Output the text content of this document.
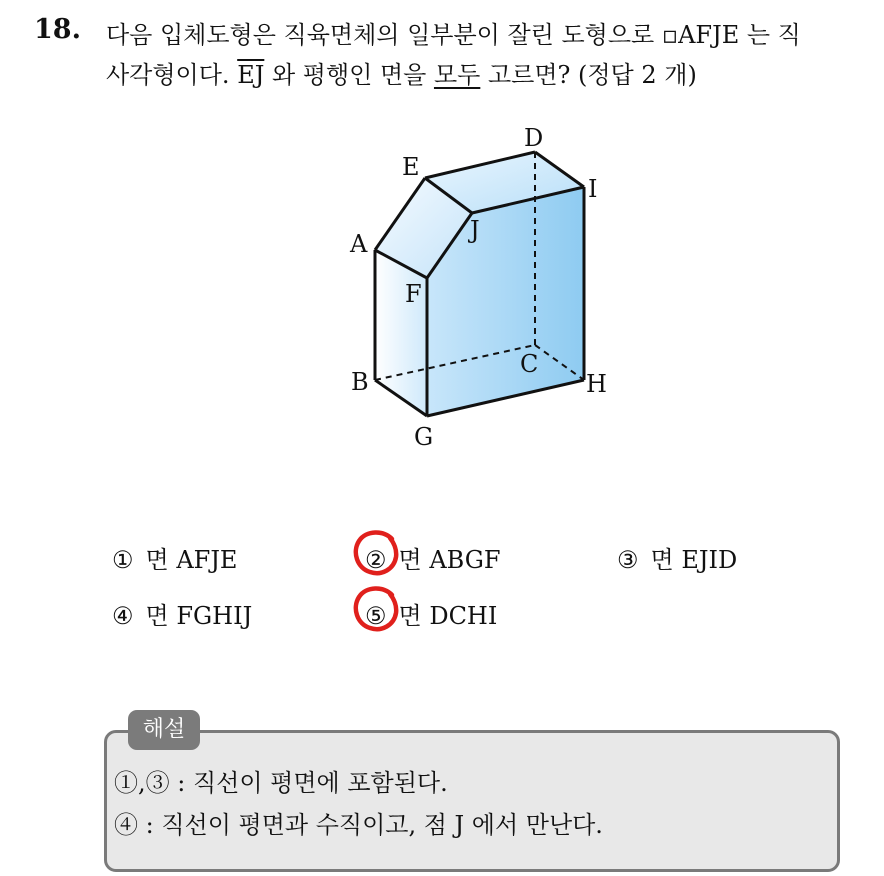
18. 다음 입체도형은 직육면체의 일부분이 잘린 도형으로 ▫AFJE 는 직
사각형이다. $\overline{EJ}$ 와 평행인 면을 모두 고르면? (정답 2 개)
D
E
I
J
A
F
C
B	H
G
① 면 AFJE	② 면 ABGF	③ 면 EJID
④ 면 FGHIJ	⑤ 면 DCHI
해설
①,③ : 직선이 평면에 포함된다.
④ : 직선이 평면과 수직이고, 점 J 에서 만난다.
